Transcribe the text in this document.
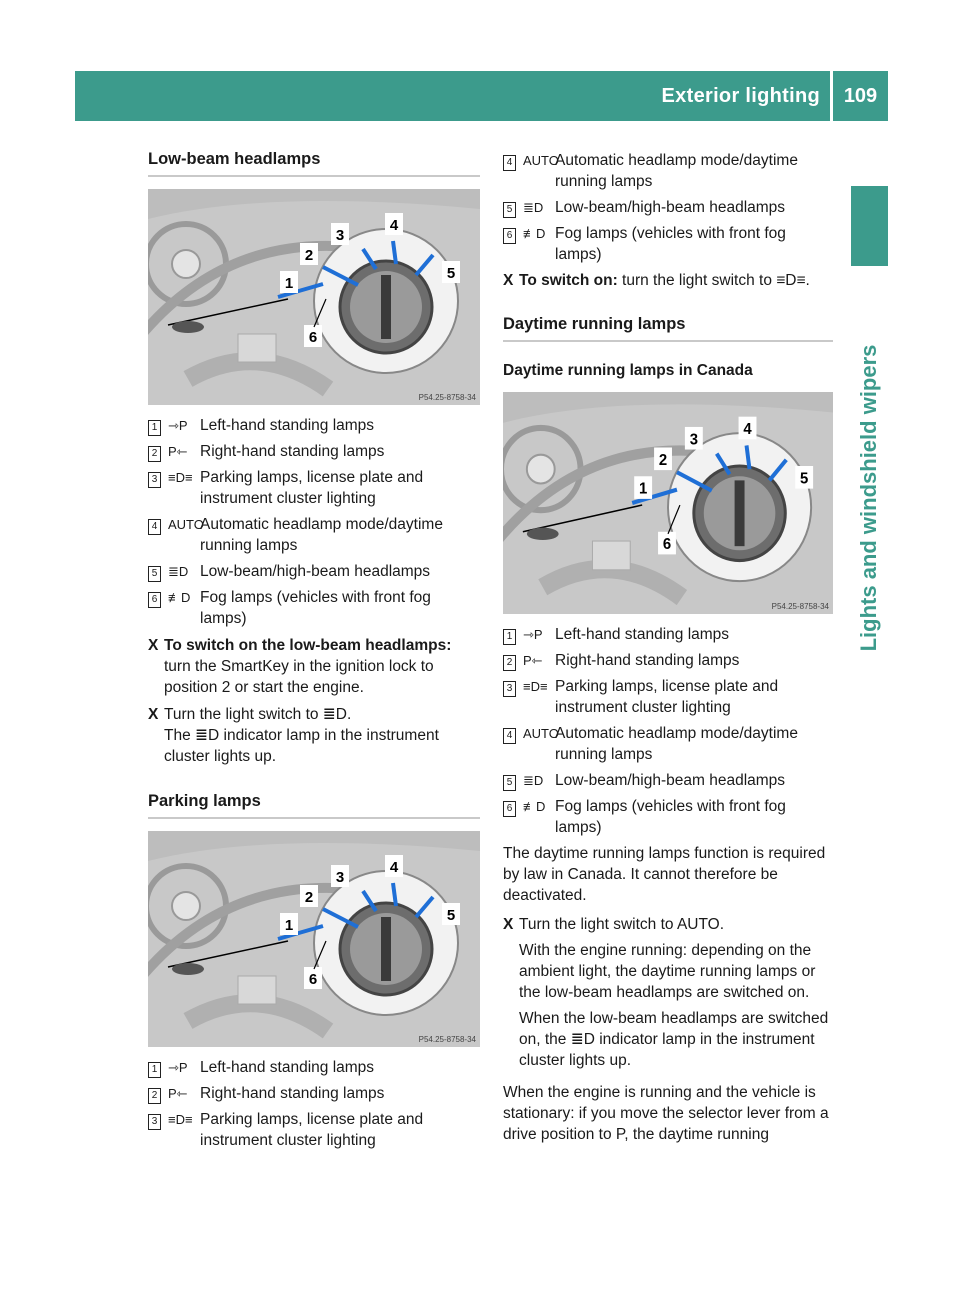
Exterior lighting	109
Lights and windshield wipers
Low-beam headlamps
1
2
3
4
5
6
P54.25-8758-34
1 ⇾P Left-hand standing lamps
2 P⇽ Right-hand standing lamps
3 ≡D≡ Parking lamps, license plate and instrument cluster lighting
4 AUTO
Automatic headlamp mode/daytime running lamps
5 ≣D Low-beam/high-beam headlamps
6 ≢D Fog lamps (vehicles with front fog lamps)
X To switch on the low-beam headlamps: turn the SmartKey in the ignition lock to position 2 or start the engine.
X Turn the light switch to ≣D.

The ≣D indicator lamp in the instrument cluster lights up.

Parking lamps
1
2
3
4
5
6
P54.25-8758-34
1 ⇾P Left-hand standing lamps
2 P⇽ Right-hand standing lamps
3 ≡D≡ Parking lamps, license plate and instrument cluster lighting
4 AUTO
Automatic headlamp mode/daytime running lamps
5 ≣D Low-beam/high-beam headlamps
6 ≢D Fog lamps (vehicles with front fog lamps)
X To switch on: turn the light switch to ≡D≡.
Daytime running lamps
Daytime running lamps in Canada
1
2
3
4
5
6
P54.25-8758-34
1 ⇾P Left-hand standing lamps
2 P⇽ Right-hand standing lamps
3 ≡D≡ Parking lamps, license plate and instrument cluster lighting
4 AUTO
Automatic headlamp mode/daytime running lamps
5 ≣D Low-beam/high-beam headlamps
6 ≢D Fog lamps (vehicles with front fog lamps)

The daytime running lamps function is required by law in Canada. It cannot therefore be deactivated.

X Turn the light switch to AUTO.

With the engine running: depending on the ambient light, the daytime running lamps or the low-beam headlamps are switched on.

When the low-beam headlamps are switched on, the ≣D indicator lamp in the instrument cluster lights up.

When the engine is running and the vehicle is stationary: if you move the selector lever from a drive position to P, the daytime running
